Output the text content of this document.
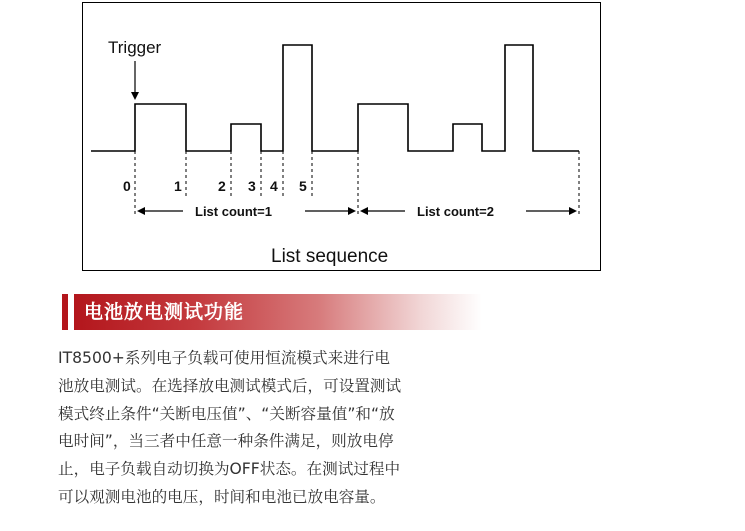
Trigger
0	1	2 3 4 5
List count=1	List count=2
List sequence
电池放电测试功能

IT8500+系列电子负载可使用恒流模式来进行电

池放电测试。在选择放电测试模式后，可设置测试

模式终止条件“关断电压值”、“关断容量值”和“放

电时间”，当三者中任意一种条件满足，则放电停

止，电子负载自动切换为OFF状态。在测试过程中

可以观测电池的电压，时间和电池已放电容量。
